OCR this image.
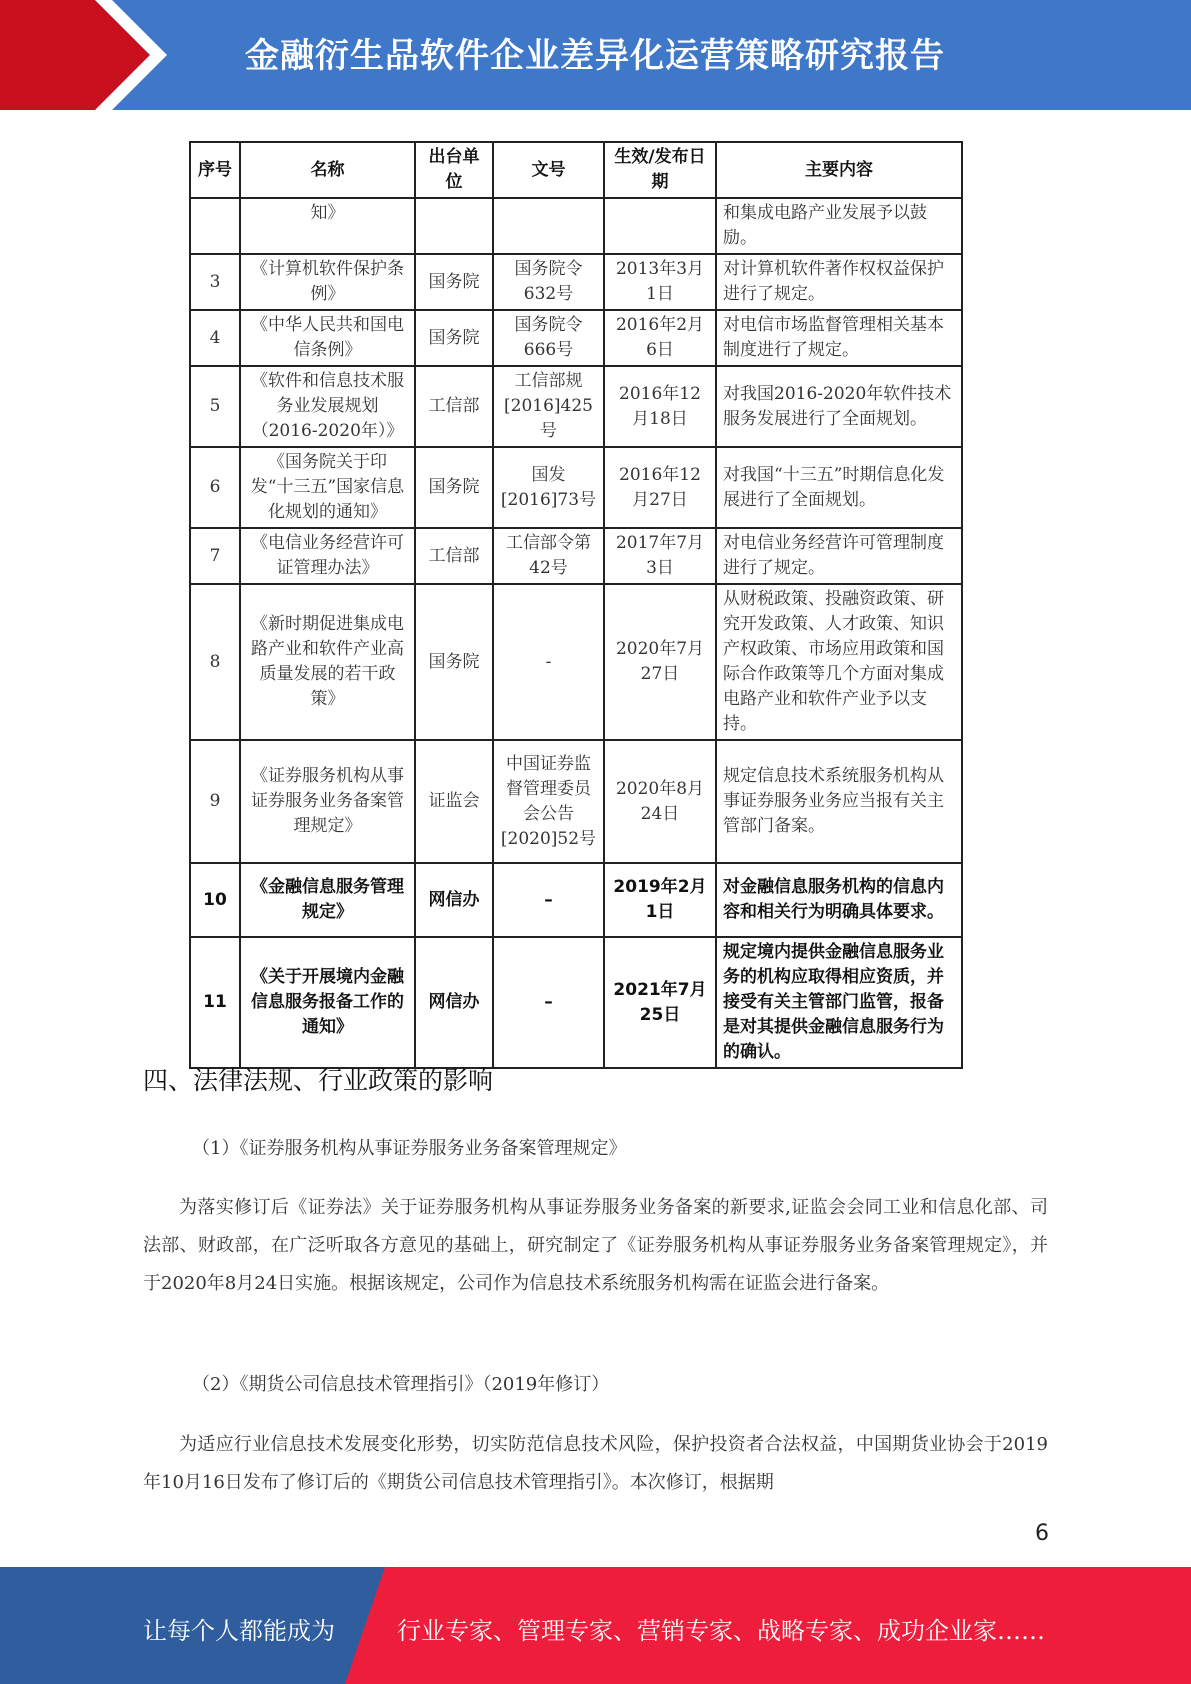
金融衍生品软件企业差异化运营策略研究报告
序号	名称	出台单位	文号	生效/发布日期	主要内容
	知》				和集成电路产业发展予以鼓励。
3	《计算机软件保护条例》	国务院	国务院令632号	2013年3月1日	对计算机软件著作权权益保护进行了规定。
4	《中华人民共和国电信条例》	国务院	国务院令666号	2016年2月6日	对电信市场监督管理相关基本制度进行了规定。
5	《软件和信息技术服务业发展规划（2016-2020年）》	工信部	工信部规[2016]425号	2016年12月18日	对我国2016-2020年软件技术服务发展进行了全面规划。
6	《国务院关于印发“十三五”国家信息化规划的通知》	国务院	国发[2016]73号	2016年12月27日	对我国“十三五”时期信息化发展进行了全面规划。
7	《电信业务经营许可证管理办法》	工信部	工信部令第42号	2017年7月3日	对电信业务经营许可管理制度进行了规定。
8	《新时期促进集成电路产业和软件产业高质量发展的若干政策》	国务院	-	2020年7月27日	从财税政策、投融资政策、研究开发政策、人才政策、知识产权政策、市场应用政策和国际合作政策等几个方面对集成电路产业和软件产业予以支持。
9	《证券服务机构从事证券服务业务备案管理规定》	证监会	中国证券监督管理委员会公告[2020]52号	2020年8月24日	规定信息技术系统服务机构从事证券服务业务应当报有关主管部门备案。
10	《金融信息服务管理规定》	网信办	–	2019年2月1日	对金融信息服务机构的信息内容和相关行为明确具体要求。
11	《关于开展境内金融信息服务报备工作的通知》	网信办	–	2021年7月25日	规定境内提供金融信息服务业务的机构应取得相应资质，并接受有关主管部门监管，报备是对其提供金融信息服务行为的确认。
四、法律法规、行业政策的影响
（1）《证券服务机构从事证券服务业务备案管理规定》
为落实修订后《证券法》关于证券服务机构从事证券服务业务备案的新要求,证监会会同工业和信息化部、司法部、财政部，在广泛听取各方意见的基础上，研究制定了《证券服务机构从事证券服务业务备案管理规定》，并于2020年8月24日实施。根据该规定，公司作为信息技术系统服务机构需在证监会进行备案。
（2）《期货公司信息技术管理指引》（2019年修订）
为适应行业信息技术发展变化形势，切实防范信息技术风险，保护投资者合法权益，中国期货业协会于2019年10月16日发布了修订后的《期货公司信息技术管理指引》。本次修订，根据期
6
让每个人都能成为	行业专家、管理专家、营销专家、战略专家、成功企业家……
